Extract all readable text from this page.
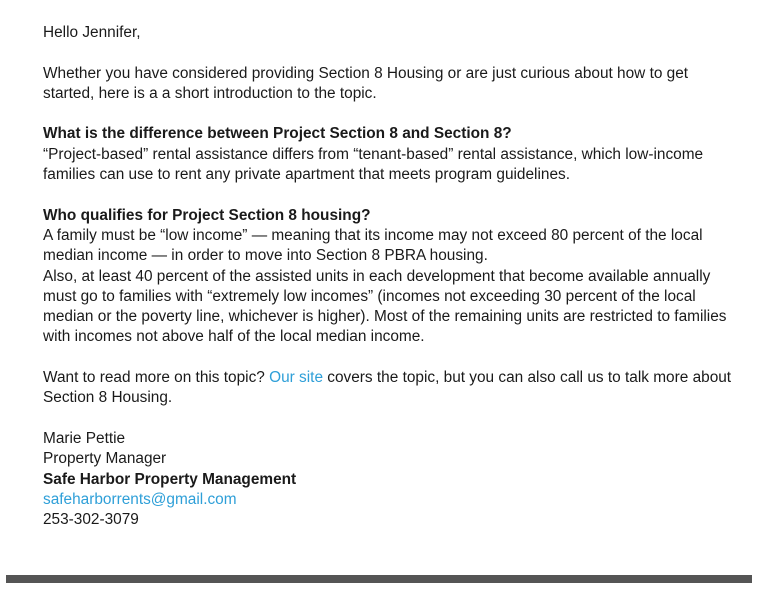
Hello Jennifer,

Whether you have considered providing Section 8 Housing or are just curious about how to get started, here is a a short introduction to the topic.

What is the difference between Project Section 8 and Section 8?
“Project-based” rental assistance differs from “tenant-based” rental assistance, which low-income families can use to rent any private apartment that meets program guidelines.
Who qualifies for Project Section 8 housing?
A family must be “low income” — meaning that its income may not exceed 80 percent of the local median income — in order to move into Section 8 PBRA housing.
Also, at least 40 percent of the assisted units in each development that become available annually must go to families with “extremely low incomes” (incomes not exceeding 30 percent of the local median or the poverty line, whichever is higher). Most of the remaining units are restricted to families with incomes not above half of the local median income.

Want to read more on this topic? Our site covers the topic, but you can also call us to talk more about Section 8 Housing.

Marie Pettie
Property Manager
Safe Harbor Property Management
safeharborrents@gmail.com
253-302-3079
